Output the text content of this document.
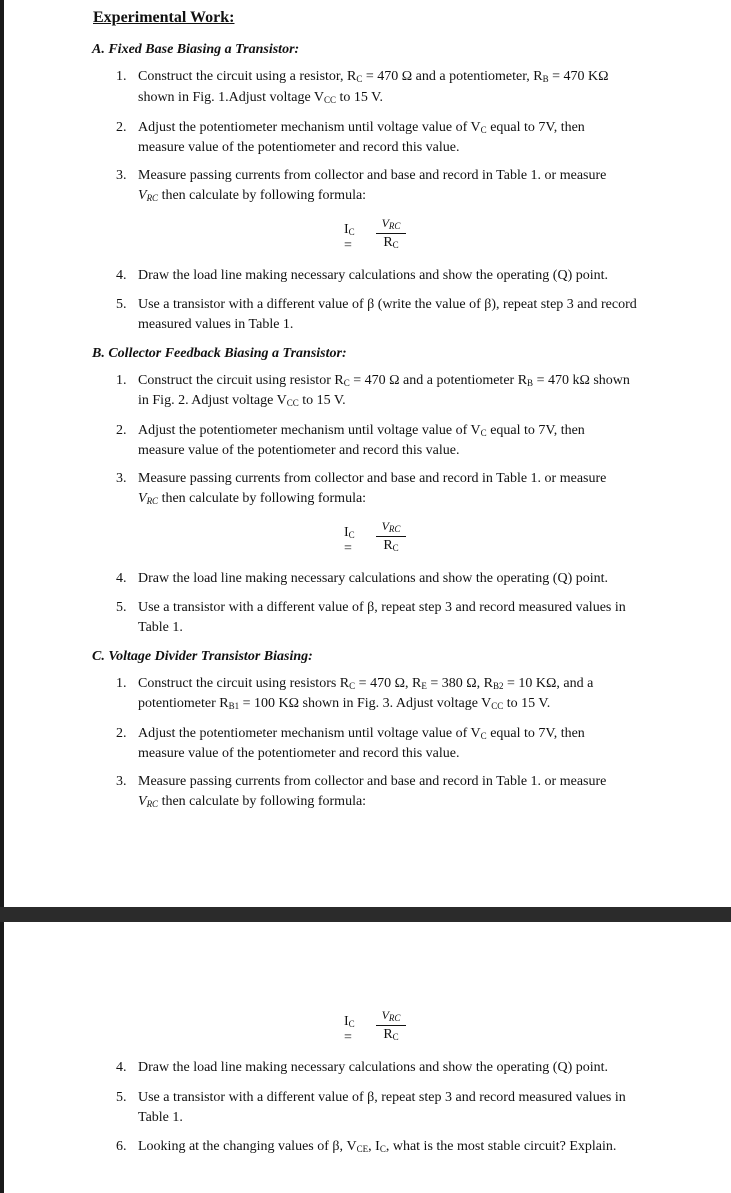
Experimental Work:
A. Fixed Base Biasing a Transistor:
1. Construct the circuit using a resistor, $R_C = 470$ Ω and a potentiometer, $R_B = 470$ KΩ
shown in Fig. 1.Adjust voltage $V_{CC}$ to 15 V.
2. Adjust the potentiometer mechanism until voltage value of $V_C$ equal to 7V, then
measure value of the potentiometer and record this value.
3. Measure passing currents from collector and base and record in Table 1. or measure
$V_{RC}$ then calculate by following formula:
$I_C$ =
$V_{RC}$
$R_C$
4. Draw the load line making necessary calculations and show the operating (Q) point.
5. Use a transistor with a different value of β (write the value of β), repeat step 3 and record
measured values in Table 1.
B. Collector Feedback Biasing a Transistor:
1. Construct the circuit using resistor $R_C = 470$ Ω and a potentiometer $R_B = 470$ kΩ shown
in Fig. 2. Adjust voltage $V_{CC}$ to 15 V.
2. Adjust the potentiometer mechanism until voltage value of $V_C$ equal to 7V, then
measure value of the potentiometer and record this value.
3. Measure passing currents from collector and base and record in Table 1. or measure
$V_{RC}$ then calculate by following formula:
$I_C$ =
$V_{RC}$
$R_C$
4. Draw the load line making necessary calculations and show the operating (Q) point.
5. Use a transistor with a different value of β, repeat step 3 and record measured values in
Table 1.
C. Voltage Divider Transistor Biasing:
1. Construct the circuit using resistors $R_C = 470$ Ω, $R_E = 380$ Ω, $R_{B2} = 10$ KΩ, and a
potentiometer $R_{B1} = 100$ KΩ shown in Fig. 3. Adjust voltage $V_{CC}$ to 15 V.
2. Adjust the potentiometer mechanism until voltage value of $V_C$ equal to 7V, then
measure value of the potentiometer and record this value.
3. Measure passing currents from collector and base and record in Table 1. or measure
$V_{RC}$ then calculate by following formula:
$I_C$ =
$V_{RC}$
$R_C$
4. Draw the load line making necessary calculations and show the operating (Q) point.
5. Use a transistor with a different value of β, repeat step 3 and record measured values in
Table 1.
6. Looking at the changing values of β, $V_{CE}$, $I_C$, what is the most stable circuit? Explain.
